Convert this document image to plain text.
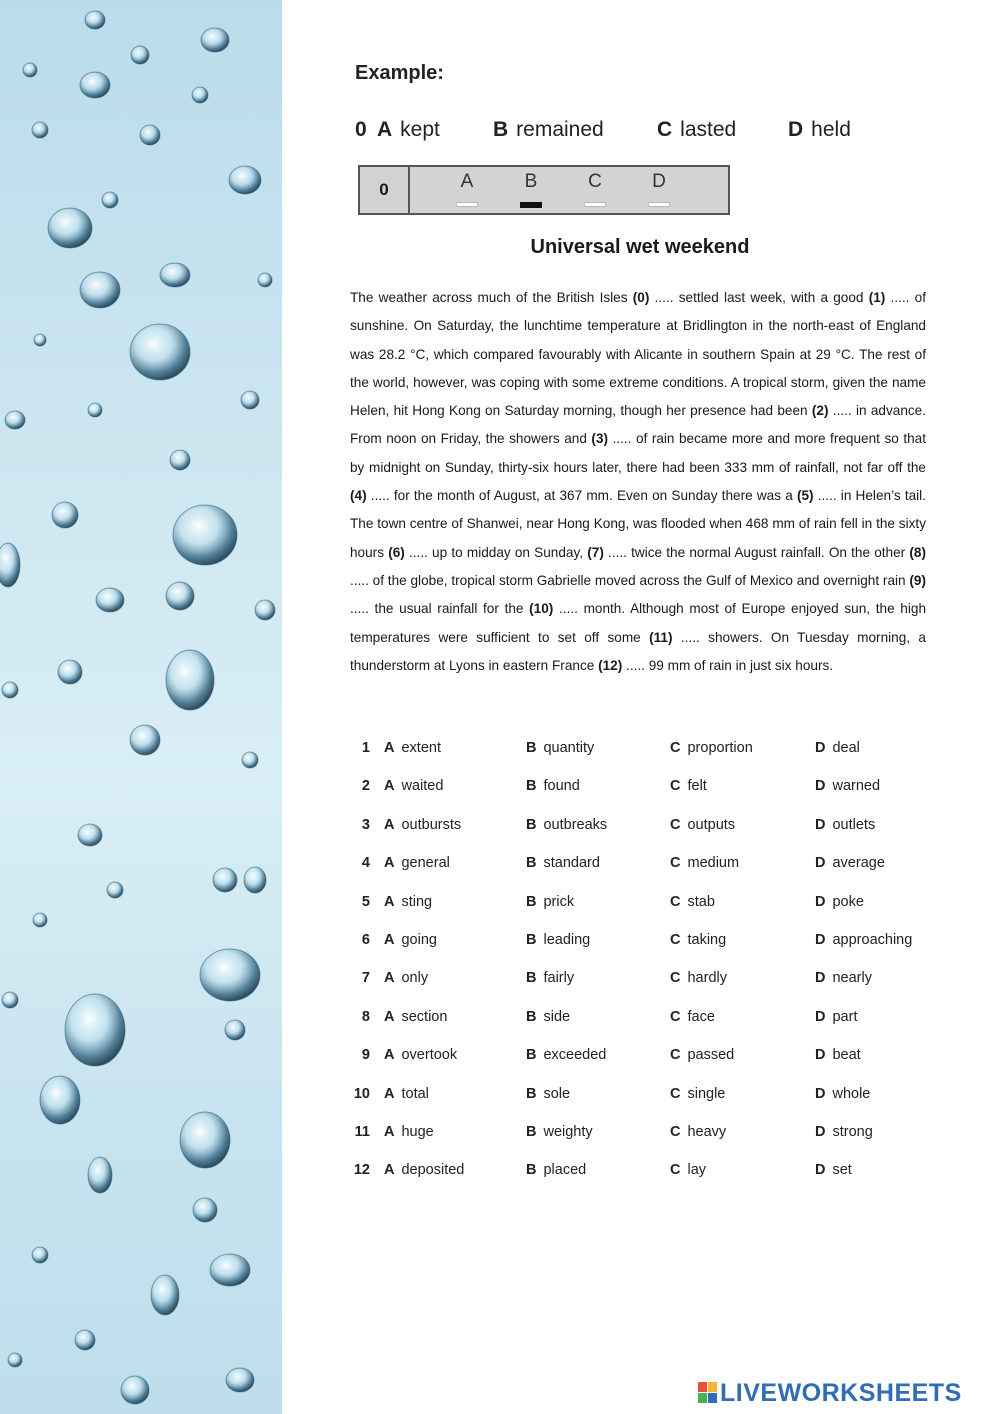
Example:
0 A kept	B remained	C lasted D held
0	A	B	C	D
Universal wet weekend

The weather across much of the British Isles (0) ..... settled last week, with a good (1) ..... of sunshine. On Saturday, the lunchtime temperature at Bridlington in the north-east of England was 28.2 °C, which compared favourably with Alicante in southern Spain at 29 °C. The rest of the world, however, was coping with some extreme conditions. A tropical storm, given the name Helen, hit Hong Kong on Saturday morning, though her presence had been (2) ..... in advance. From noon on Friday, the showers and (3) ..... of rain became more and more frequent so that by midnight on Sunday, thirty-six hours later, there had been 333 mm of rainfall, not far off the (4) ..... for the month of August, at 367 mm. Even on Sunday there was a (5) ..... in Helen’s tail. The town centre of Shanwei, near Hong Kong, was flooded when 468 mm of rain fell in the sixty hours (6) ..... up to midday on Sunday, (7) ..... twice the normal August rainfall. On the other (8) ..... of the globe, tropical storm Gabrielle moved across the Gulf of Mexico and overnight rain (9) ..... the usual rainfall for the (10) ..... month. Although most of Europe enjoyed sun, the high temperatures were sufficient to set off some (11) ..... showers. On Tuesday morning, a thunderstorm at Lyons in eastern France (12) ..... 99 mm of rain in just six hours.

1 A extent	B quantity	C proportion	D deal
2 A waited	B found	C felt	D warned
3 A outbursts	B outbreaks	C outputs	D outlets
4 A general	B standard	C medium	D average
5 A sting	B prick	C stab	D poke
6 A going	B leading	C taking	D approaching
7 A only	B fairly	C hardly	D nearly
8 A section	B side	C face	D part
9 A overtook	B exceeded	C passed	D beat
10 A total	B sole	C single	D whole
11 A huge	B weighty	C heavy	D strong
12 A deposited	B placed	C lay	D set
LIVEWORKSHEETS
